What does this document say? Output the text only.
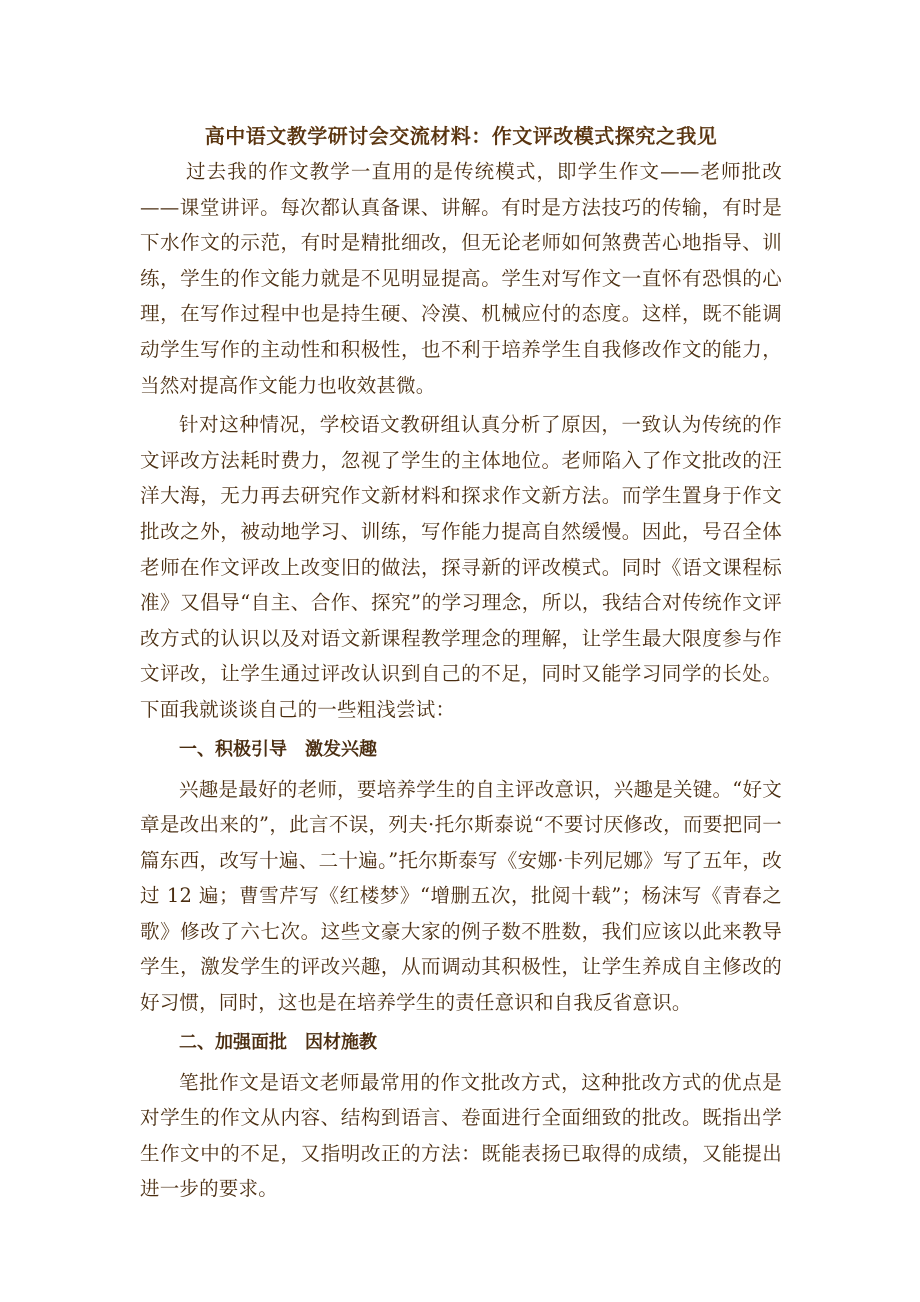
高中语文教学研讨会交流材料：作文评改模式探究之我见

过去我的作文教学一直用的是传统模式，即学生作文——老师批改——课堂讲评。每次都认真备课、讲解。有时是方法技巧的传输，有时是下水作文的示范，有时是精批细改，但无论老师如何煞费苦心地指导、训练，学生的作文能力就是不见明显提高。学生对写作文一直怀有恐惧的心理，在写作过程中也是持生硬、冷漠、机械应付的态度。这样，既不能调动学生写作的主动性和积极性，也不利于培养学生自我修改作文的能力，当然对提高作文能力也收效甚微。

针对这种情况，学校语文教研组认真分析了原因，一致认为传统的作文评改方法耗时费力，忽视了学生的主体地位。老师陷入了作文批改的汪洋大海，无力再去研究作文新材料和探求作文新方法。而学生置身于作文批改之外，被动地学习、训练，写作能力提高自然缓慢。因此，号召全体老师在作文评改上改变旧的做法，探寻新的评改模式。同时《语文课程标准》又倡导“自主、合作、探究”的学习理念，所以，我结合对传统作文评改方式的认识以及对语文新课程教学理念的理解，让学生最大限度参与作文评改，让学生通过评改认识到自己的不足，同时又能学习同学的长处。下面我就谈谈自己的一些粗浅尝试：

一、积极引导　激发兴趣

兴趣是最好的老师，要培养学生的自主评改意识，兴趣是关键。“好文章是改出来的”，此言不误，列夫·托尔斯泰说“不要讨厌修改，而要把同一篇东西，改写十遍、二十遍。”托尔斯泰写《安娜·卡列尼娜》写了五年，改过 12 遍；曹雪芹写《红楼梦》“增删五次，批阅十载”；杨沫写《青春之歌》修改了六七次。这些文豪大家的例子数不胜数，我们应该以此来教导学生，激发学生的评改兴趣，从而调动其积极性，让学生养成自主修改的好习惯，同时，这也是在培养学生的责任意识和自我反省意识。

二、加强面批　因材施教

笔批作文是语文老师最常用的作文批改方式，这种批改方式的优点是对学生的作文从内容、结构到语言、卷面进行全面细致的批改。既指出学生作文中的不足，又指明改正的方法：既能表扬已取得的成绩，又能提出进一步的要求。
